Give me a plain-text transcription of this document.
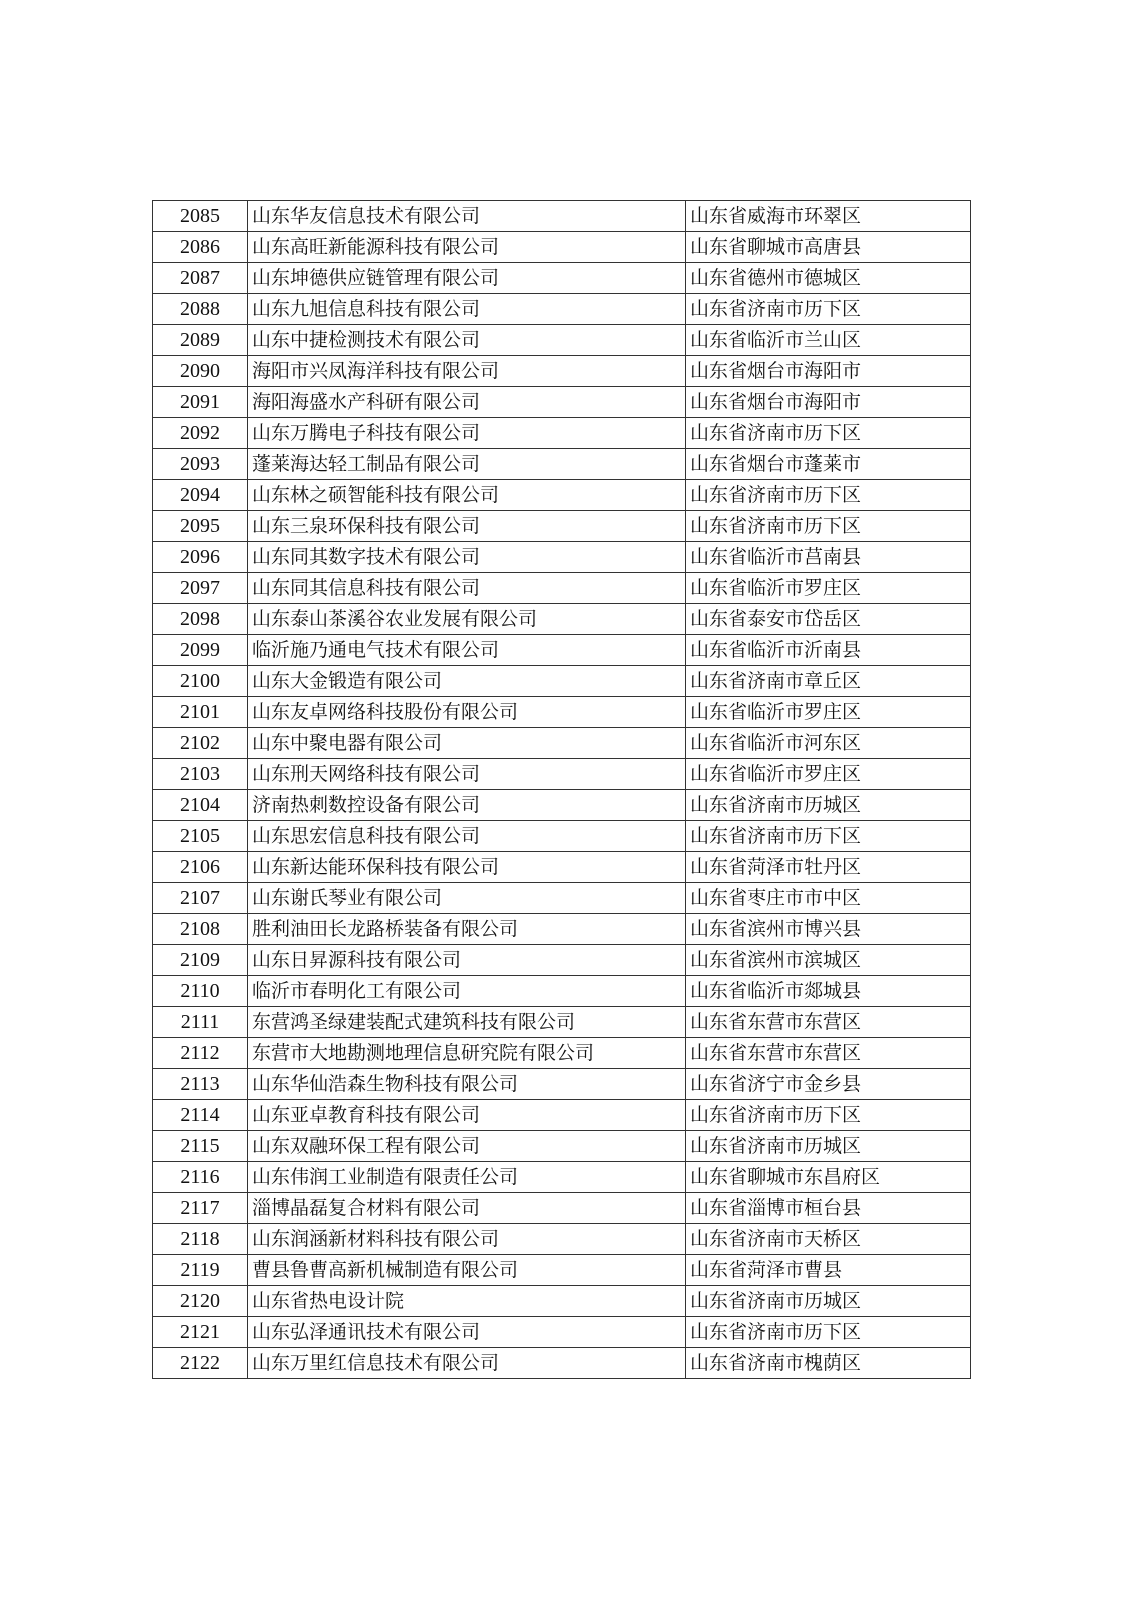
2085	山东华友信息技术有限公司	山东省威海市环翠区
2086	山东高旺新能源科技有限公司	山东省聊城市高唐县
2087	山东坤德供应链管理有限公司	山东省德州市德城区
2088	山东九旭信息科技有限公司	山东省济南市历下区
2089	山东中捷检测技术有限公司	山东省临沂市兰山区
2090	海阳市兴凤海洋科技有限公司	山东省烟台市海阳市
2091	海阳海盛水产科研有限公司	山东省烟台市海阳市
2092	山东万腾电子科技有限公司	山东省济南市历下区
2093	蓬莱海达轻工制品有限公司	山东省烟台市蓬莱市
2094	山东林之硕智能科技有限公司	山东省济南市历下区
2095	山东三泉环保科技有限公司	山东省济南市历下区
2096	山东同其数字技术有限公司	山东省临沂市莒南县
2097	山东同其信息科技有限公司	山东省临沂市罗庄区
2098	山东泰山茶溪谷农业发展有限公司	山东省泰安市岱岳区
2099	临沂施乃通电气技术有限公司	山东省临沂市沂南县
2100	山东大金锻造有限公司	山东省济南市章丘区
2101	山东友卓网络科技股份有限公司	山东省临沂市罗庄区
2102	山东中聚电器有限公司	山东省临沂市河东区
2103	山东刑天网络科技有限公司	山东省临沂市罗庄区
2104	济南热刺数控设备有限公司	山东省济南市历城区
2105	山东思宏信息科技有限公司	山东省济南市历下区
2106	山东新达能环保科技有限公司	山东省菏泽市牡丹区
2107	山东谢氏琴业有限公司	山东省枣庄市市中区
2108	胜利油田长龙路桥装备有限公司	山东省滨州市博兴县
2109	山东日昇源科技有限公司	山东省滨州市滨城区
2110	临沂市春明化工有限公司	山东省临沂市郯城县
2111	东营鸿圣绿建装配式建筑科技有限公司	山东省东营市东营区
2112	东营市大地勘测地理信息研究院有限公司	山东省东营市东营区
2113	山东华仙浩森生物科技有限公司	山东省济宁市金乡县
2114	山东亚卓教育科技有限公司	山东省济南市历下区
2115	山东双融环保工程有限公司	山东省济南市历城区
2116	山东伟润工业制造有限责任公司	山东省聊城市东昌府区
2117	淄博晶磊复合材料有限公司	山东省淄博市桓台县
2118	山东润涵新材料科技有限公司	山东省济南市天桥区
2119	曹县鲁曹高新机械制造有限公司	山东省菏泽市曹县
2120	山东省热电设计院	山东省济南市历城区
2121	山东弘泽通讯技术有限公司	山东省济南市历下区
2122	山东万里红信息技术有限公司	山东省济南市槐荫区
